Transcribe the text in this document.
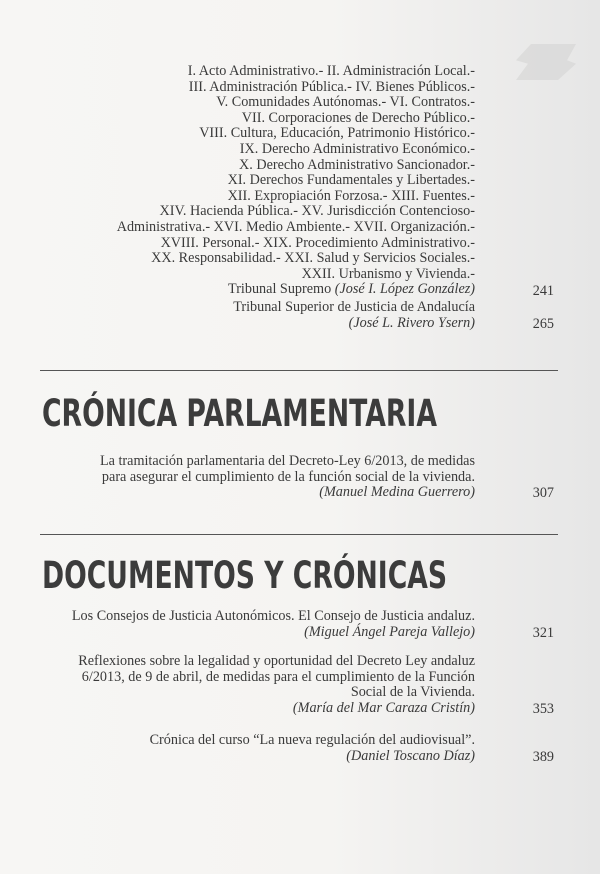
I. Acto Administrativo.- II. Administración Local.-
III. Administración Pública.- IV. Bienes Públicos.-
V. Comunidades Autónomas.- VI. Contratos.-
VII. Corporaciones de Derecho Público.-
VIII. Cultura, Educación, Patrimonio Histórico.-
IX. Derecho Administrativo Económico.-
X. Derecho Administrativo Sancionador.-
XI. Derechos Fundamentales y Libertades.-
XII. Expropiación Forzosa.- XIII. Fuentes.-
XIV. Hacienda Pública.- XV. Jurisdicción Contencioso-
Administrativa.- XVI. Medio Ambiente.- XVII. Organización.-
XVIII. Personal.- XIX. Procedimiento Administrativo.-
XX. Responsabilidad.- XXI. Salud y Servicios Sociales.-
XXII. Urbanismo y Vivienda.-
Tribunal Supremo (José I. López González)	241
Tribunal Superior de Justicia de Andalucía
(José L. Rivero Ysern)	265
CRÓNICA PARLAMENTARIA
La tramitación parlamentaria del Decreto-Ley 6/2013, de medidas
para asegurar el cumplimiento de la función social de la vivienda.
(Manuel Medina Guerrero)	307
DOCUMENTOS Y CRÓNICAS
Los Consejos de Justicia Autonómicos. El Consejo de Justicia andaluz.
(Miguel Ángel Pareja Vallejo)	321
Reflexiones sobre la legalidad y oportunidad del Decreto Ley andaluz
6/2013, de 9 de abril, de medidas para el cumplimiento de la Función
Social de la Vivienda.
(María del Mar Caraza Cristín)	353
Crónica del curso “La nueva regulación del audiovisual”.
(Daniel Toscano Díaz)	389
